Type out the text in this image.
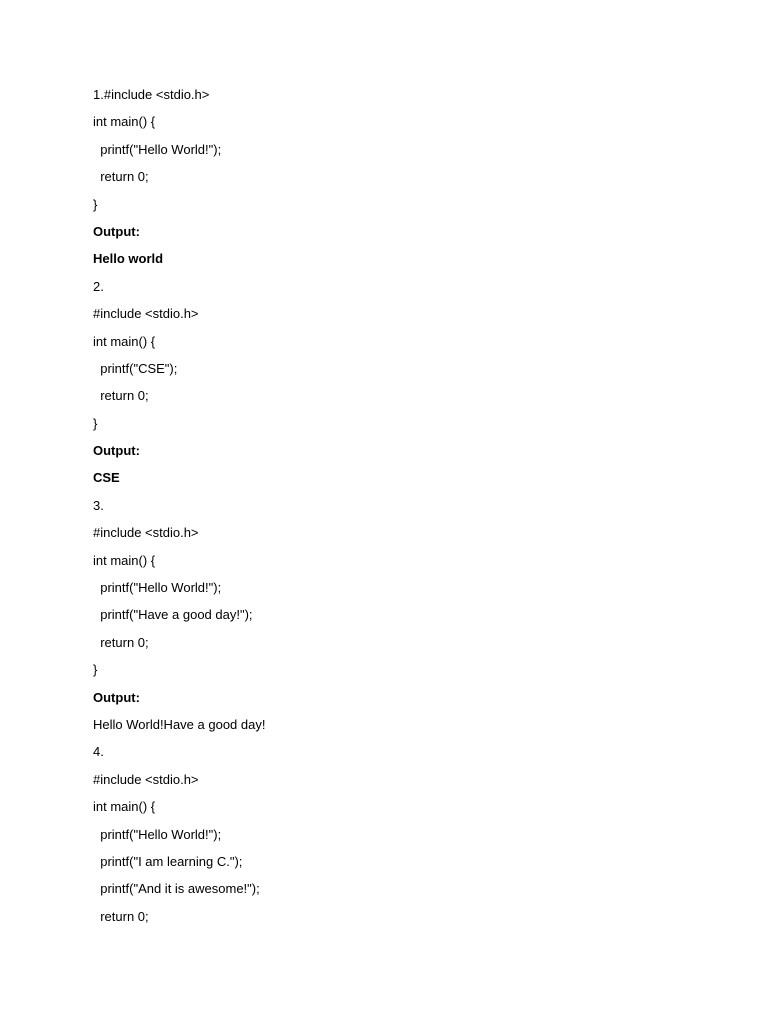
1.#include <stdio.h>
int main() {
printf("Hello World!");
return 0;
}
Output:
Hello world
2.
#include <stdio.h>
int main() {
printf("CSE");
return 0;
}
Output:
CSE
3.
#include <stdio.h>
int main() {
printf("Hello World!");
printf("Have a good day!");
return 0;
}
Output:
Hello World!Have a good day!
4.
#include <stdio.h>
int main() {
printf("Hello World!");
printf("I am learning C.");
printf("And it is awesome!");
return 0;
